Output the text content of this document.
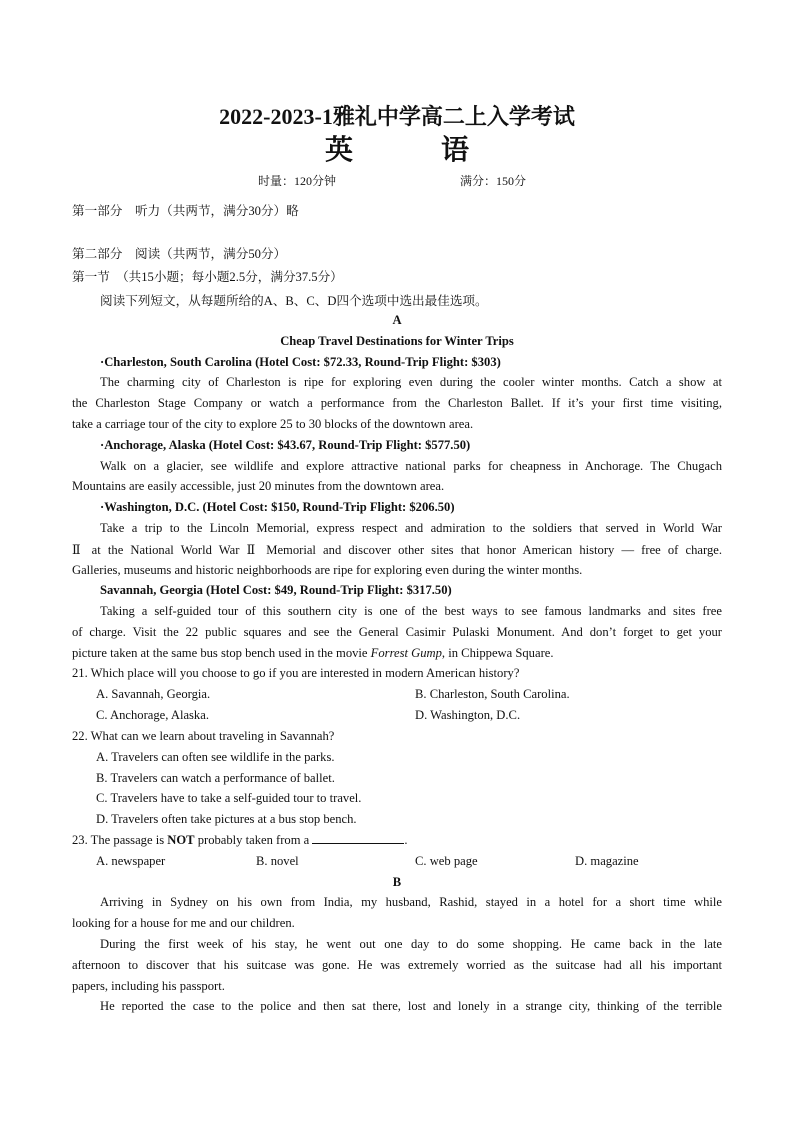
2022-2023-1雅礼中学高二上入学考试
英　语
时量：120分钟	满分：150分
第一部分　听力（共两节，满分30分）略
第二部分　阅读（共两节，满分50分）
第一节　（共15小题；每小题2.5分，满分37.5分）
阅读下列短文，从每题所给的A、B、C、D四个选项中选出最佳选项。
A
Cheap Travel Destinations for Winter Trips
·Charleston, South Carolina (Hotel Cost: $72.33, Round-Trip Flight: $303)
The charming city of Charleston is ripe for exploring even during the cooler winter months. Catch a show at
the Charleston Stage Company or watch a performance from the Charleston Ballet. If it’s your first time visiting,
take a carriage tour of the city to explore 25 to 30 blocks of the downtown area.
·Anchorage, Alaska (Hotel Cost: $43.67, Round-Trip Flight: $577.50)
Walk on a glacier, see wildlife and explore attractive national parks for cheapness in Anchorage. The Chugach
Mountains are easily accessible, just 20 minutes from the downtown area.
·Washington, D.C. (Hotel Cost: $150, Round-Trip Flight: $206.50)
Take a trip to the Lincoln Memorial, express respect and admiration to the soldiers that served in World War
Ⅱ at the National World War Ⅱ Memorial and discover other sites that honor American history — free of charge.
Galleries, museums and historic neighborhoods are ripe for exploring even during the winter months.
Savannah, Georgia (Hotel Cost: $49, Round-Trip Flight: $317.50)
Taking a self-guided tour of this southern city is one of the best ways to see famous landmarks and sites free
of charge. Visit the 22 public squares and see the General Casimir Pulaski Monument. And don’t forget to get your
picture taken at the same bus stop bench used in the movie Forrest Gump, in Chippewa Square.
21. Which place will you choose to go if you are interested in modern American history?
A. Savannah, Georgia.	B. Charleston, South Carolina.
C. Anchorage, Alaska.	D. Washington, D.C.
22. What can we learn about traveling in Savannah?
A. Travelers can often see wildlife in the parks.
B. Travelers can watch a performance of ballet.
C. Travelers have to take a self-guided tour to travel.
D. Travelers often take pictures at a bus stop bench.
23. The passage is NOT probably taken from a	.
A. newspaper	B. novel	C. web page	D. magazine
B
Arriving in Sydney on his own from India, my husband, Rashid, stayed in a hotel for a short time while
looking for a house for me and our children.
During the first week of his stay, he went out one day to do some shopping. He came back in the late
afternoon to discover that his suitcase was gone. He was extremely worried as the suitcase had all his important
papers, including his passport.
He reported the case to the police and then sat there, lost and lonely in a strange city, thinking of the terrible
